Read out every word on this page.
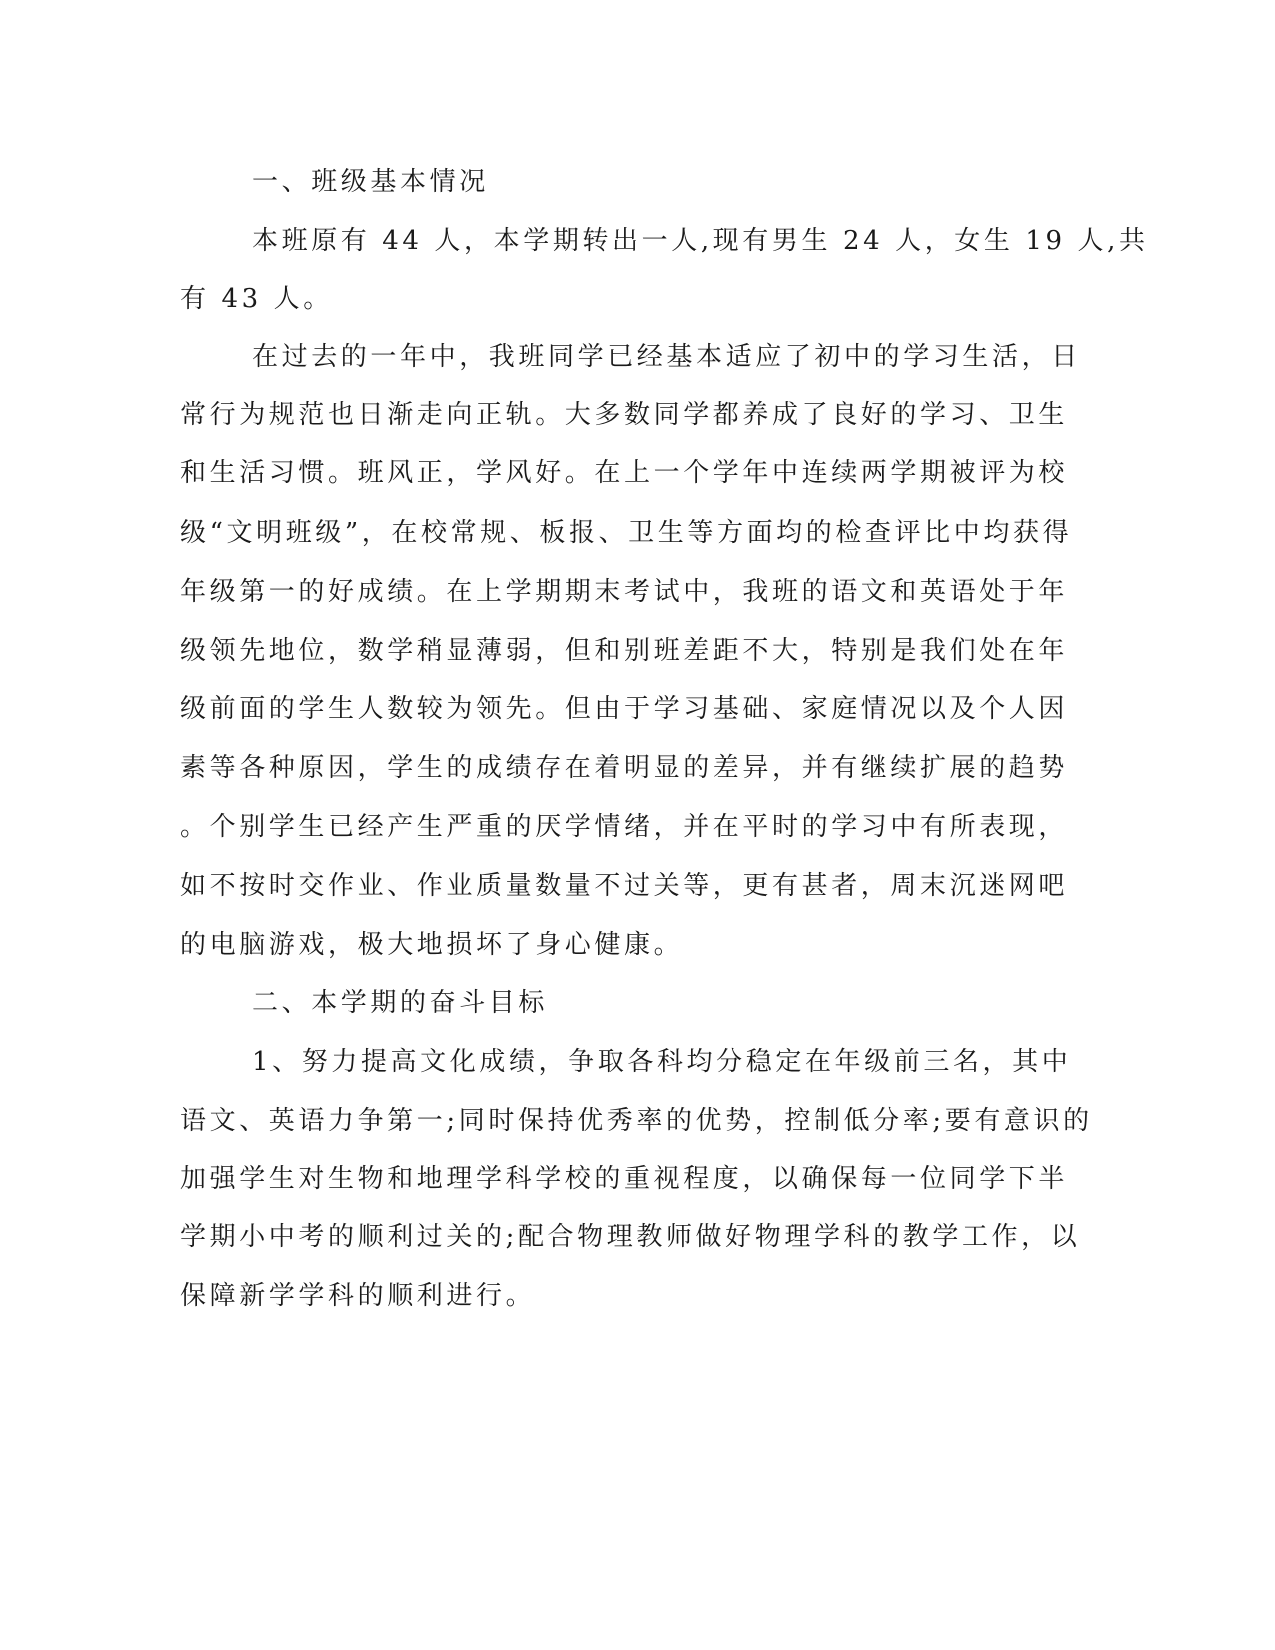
一、班级基本情况
本班原有 44 人，本学期转出一人,现有男生 24 人，女生 19 人,共
有 43 人。
在过去的一年中，我班同学已经基本适应了初中的学习生活，日
常行为规范也日渐走向正轨。大多数同学都养成了良好的学习、卫生
和生活习惯。班风正，学风好。在上一个学年中连续两学期被评为校
级“文明班级”，在校常规、板报、卫生等方面均的检查评比中均获得
年级第一的好成绩。在上学期期末考试中，我班的语文和英语处于年
级领先地位，数学稍显薄弱，但和别班差距不大，特别是我们处在年
级前面的学生人数较为领先。但由于学习基础、家庭情况以及个人因
素等各种原因，学生的成绩存在着明显的差异，并有继续扩展的趋势
。个别学生已经产生严重的厌学情绪，并在平时的学习中有所表现，
如不按时交作业、作业质量数量不过关等，更有甚者，周末沉迷网吧
的电脑游戏，极大地损坏了身心健康。
二、本学期的奋斗目标
1、努力提高文化成绩，争取各科均分稳定在年级前三名，其中
语文、英语力争第一;同时保持优秀率的优势，控制低分率;要有意识的
加强学生对生物和地理学科学校的重视程度，以确保每一位同学下半
学期小中考的顺利过关的;配合物理教师做好物理学科的教学工作，以
保障新学学科的顺利进行。
